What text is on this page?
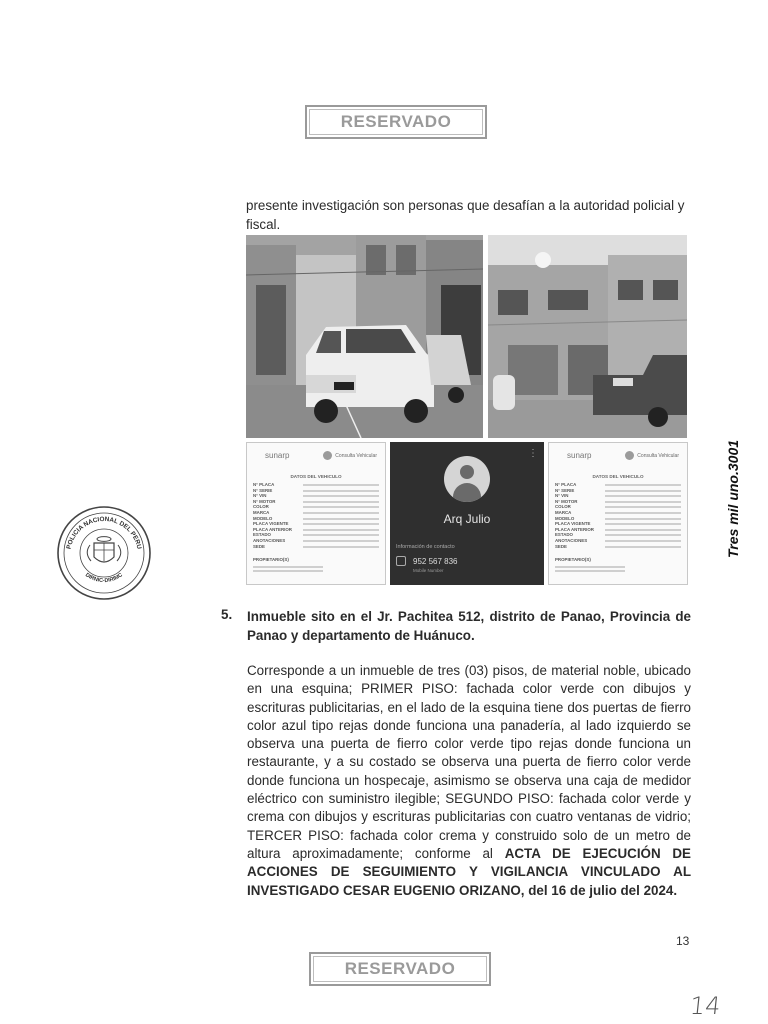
RESERVADO

presente investigación son personas que desafían a la autoridad policial y fiscal.

sunarp	Consulta Vehicular
DATOS DEL VEHICULO
N° PLACA
N° SERIE
N° VIN
N° MOTOR
COLOR
MARCA
MODELO
PLACA VIGENTE
PLACA ANTERIOR
ESTADO
ANOTACIONES
SEDE
PROPIETARIO(S)
⋮
Arq Julio
Información de contacto
952 567 836
Mobile Number
sunarp	Consulta Vehicular
DATOS DEL VEHICULO
N° PLACA
N° SERIE
N° VIN
N° MOTOR
COLOR
MARCA
MODELO
PLACA VIGENTE
PLACA ANTERIOR
ESTADO
ANOTACIONES
SEDE
PROPIETARIO(S)
POLICIA NACIONAL DEL PERU
DIRNIC-DIRIMC
Tres mil uno.3001
5. Inmueble sito en el Jr. Pachitea 512, distrito de Panao, Provincia de Panao y departamento de Huánuco.

Corresponde a un inmueble de tres (03) pisos, de material noble, ubicado en una esquina; PRIMER PISO: fachada color verde con dibujos y escrituras publicitarias, en el lado de la esquina tiene dos puertas de fierro color azul tipo rejas donde funciona una panadería, al lado izquierdo se observa una puerta de fierro color verde tipo rejas donde funciona un restaurante, y a su costado se observa una puerta de fierro color verde donde funciona un hospecaje, asimismo se observa una caja de medidor eléctrico con suministro ilegible; SEGUNDO PISO: fachada color verde y crema con dibujos y escrituras publicitarias con cuatro ventanas de vidrio; TERCER PISO: fachada color crema y construido solo de un metro de altura aproximadamente; conforme al ACTA DE EJECUCIÓN DE ACCIONES DE SEGUIMIENTO Y VIGILANCIA VINCULADO AL INVESTIGADO CESAR EUGENIO ORIZANO, del 16 de julio del 2024.

13
RESERVADO
14
